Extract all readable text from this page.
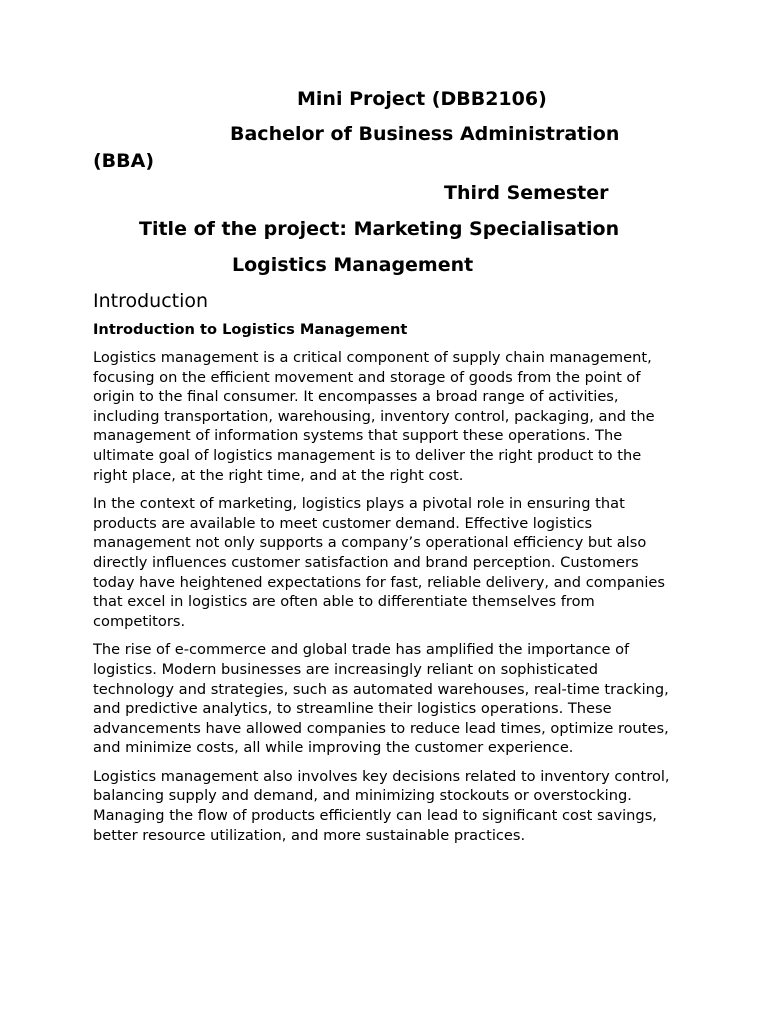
Mini Project (DBB2106)

Bachelor of Business Administration

(BBA)

Third Semester

Title of the project: Marketing Specialisation

Logistics Management

Introduction
Introduction to Logistics Management

Logistics management is a critical component of supply chain management, focusing on the efficient movement and storage of goods from the point of origin to the final consumer. It encompasses a broad range of activities, including transportation, warehousing, inventory control, packaging, and the management of information systems that support these operations. The ultimate goal of logistics management is to deliver the right product to the right place, at the right time, and at the right cost.

In the context of marketing, logistics plays a pivotal role in ensuring that products are available to meet customer demand. Effective logistics management not only supports a company’s operational efficiency but also directly influences customer satisfaction and brand perception. Customers today have heightened expectations for fast, reliable delivery, and companies that excel in logistics are often able to differentiate themselves from competitors.

The rise of e-commerce and global trade has amplified the importance of logistics. Modern businesses are increasingly reliant on sophisticated technology and strategies, such as automated warehouses, real-time tracking, and predictive analytics, to streamline their logistics operations. These advancements have allowed companies to reduce lead times, optimize routes, and minimize costs, all while improving the customer experience.

Logistics management also involves key decisions related to inventory control, balancing supply and demand, and minimizing stockouts or overstocking. Managing the flow of products efficiently can lead to significant cost savings, better resource utilization, and more sustainable practices.
